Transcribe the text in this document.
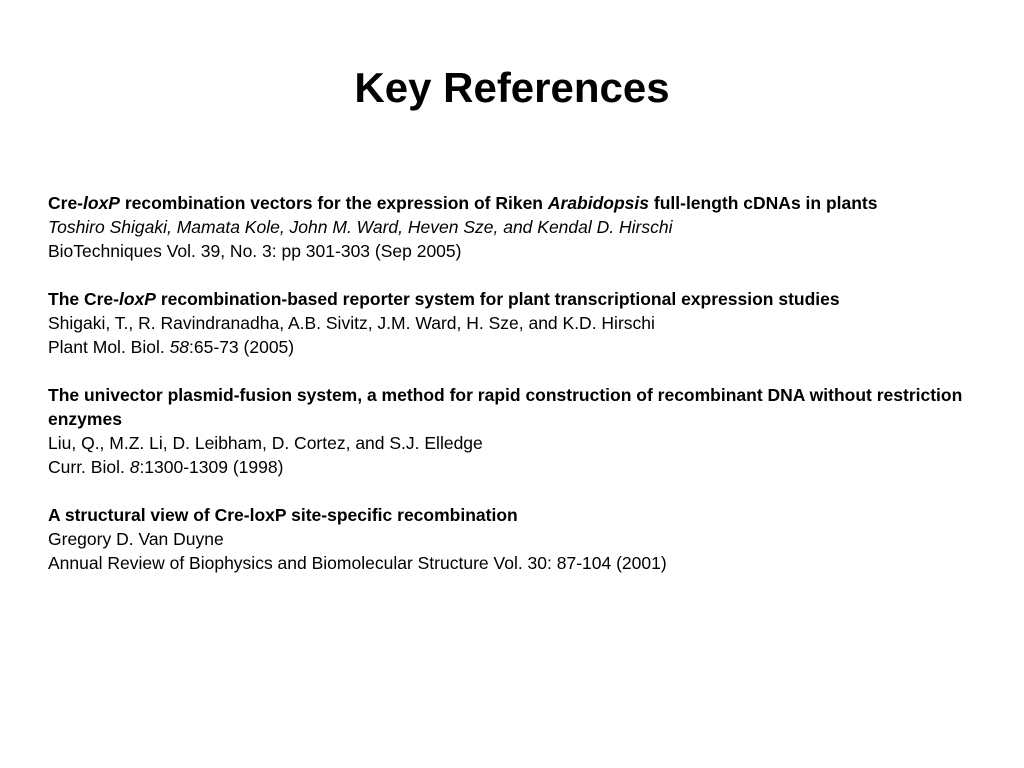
Key References
Cre-loxP recombination vectors for the expression of Riken Arabidopsis full-length cDNAs in plants
Toshiro Shigaki, Mamata Kole, John M. Ward, Heven Sze, and Kendal D. Hirschi
BioTechniques Vol. 39, No. 3: pp 301-303 (Sep 2005)
The Cre-loxP recombination-based reporter system for plant transcriptional expression studies
Shigaki, T., R. Ravindranadha, A.B. Sivitz, J.M. Ward, H. Sze, and K.D. Hirschi
Plant Mol. Biol. 58:65-73 (2005)
The univector plasmid-fusion system, a method for rapid construction of recombinant DNA without restriction enzymes
Liu, Q., M.Z. Li, D. Leibham, D. Cortez, and S.J. Elledge
Curr. Biol. 8:1300-1309 (1998)
A structural view of Cre-loxP site-specific recombination
Gregory D. Van Duyne
Annual Review of Biophysics and Biomolecular Structure Vol. 30: 87-104 (2001)
